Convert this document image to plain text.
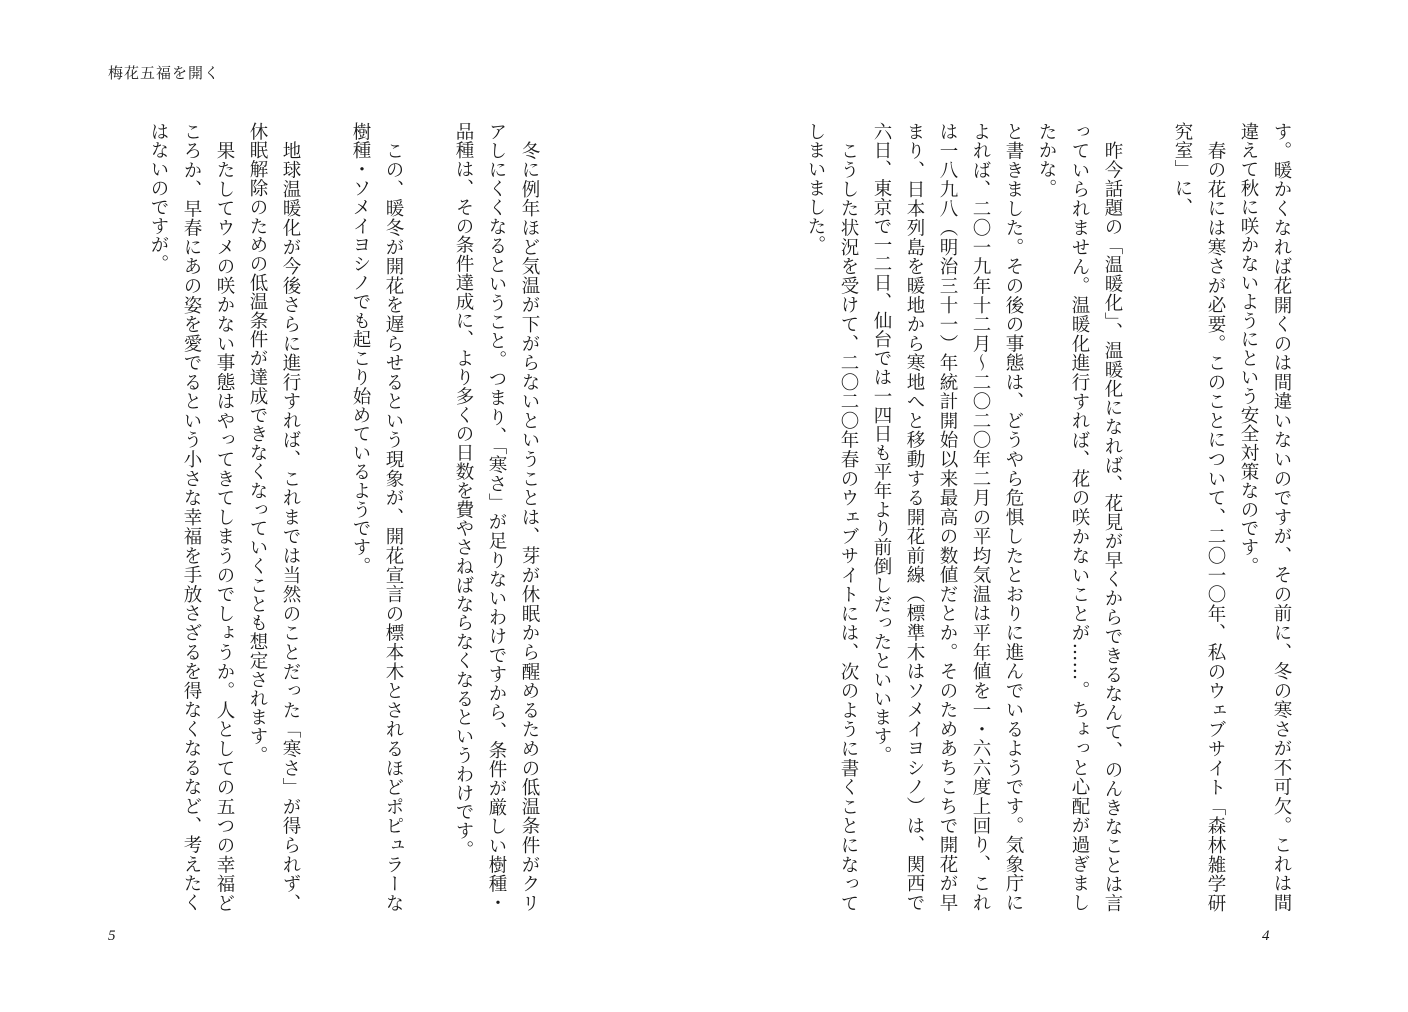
梅花五福を開く

す。暖かくなれば花開くのは間違いないのですが、その前に、冬の寒さが不可欠。これは間違えて秋に咲かないようにという安全対策なのです。

春の花には寒さが必要。このことについて、二〇一〇年、私のウェブサイト「森林雑学研究室」に、

昨今話題の「温暖化」、温暖化になれば、花見が早くからできるなんて、のんきなことは言っていられません。温暖化進行すれば、花の咲かないことが……。ちょっと心配が過ぎましたかな。

と書きました。その後の事態は、どうやら危惧したとおりに進んでいるようです。気象庁によれば、二〇一九年十二月〜二〇二〇年二月の平均気温は平年値を一・六六度上回り、これは一八九八（明治三十一）年統計開始以来最高の数値だとか。そのためあちこちで開花が早まり、日本列島を暖地から寒地へと移動する開花前線（標準木はソメイヨシノ）は、関西で六日、東京で一二日、仙台では一四日も平年より前倒しだったといいます。

こうした状況を受けて、二〇二〇年春のウェブサイトには、次のように書くことになってしまいました。

冬に例年ほど気温が下がらないということは、芽が休眠から醒めるための低温条件がクリアしにくくなるということ。つまり、「寒さ」が足りないわけですから、条件が厳しい樹種・品種は、その条件達成に、より多くの日数を費やさねばならなくなるというわけです。

この、暖冬が開花を遅らせるという現象が、開花宣言の標本木とされるほどポピュラーな樹種・ソメイヨシノでも起こり始めているようです。

地球温暖化が今後さらに進行すれば、これまでは当然のことだった「寒さ」が得られず、休眠解除のための低温条件が達成できなくなっていくことも想定されます。

果たしてウメの咲かない事態はやってきてしまうのでしょうか。人としての五つの幸福どころか、早春にあの姿を愛でるという小さな幸福を手放さざるを得なくなるなど、考えたくはないのですが。

5	4
